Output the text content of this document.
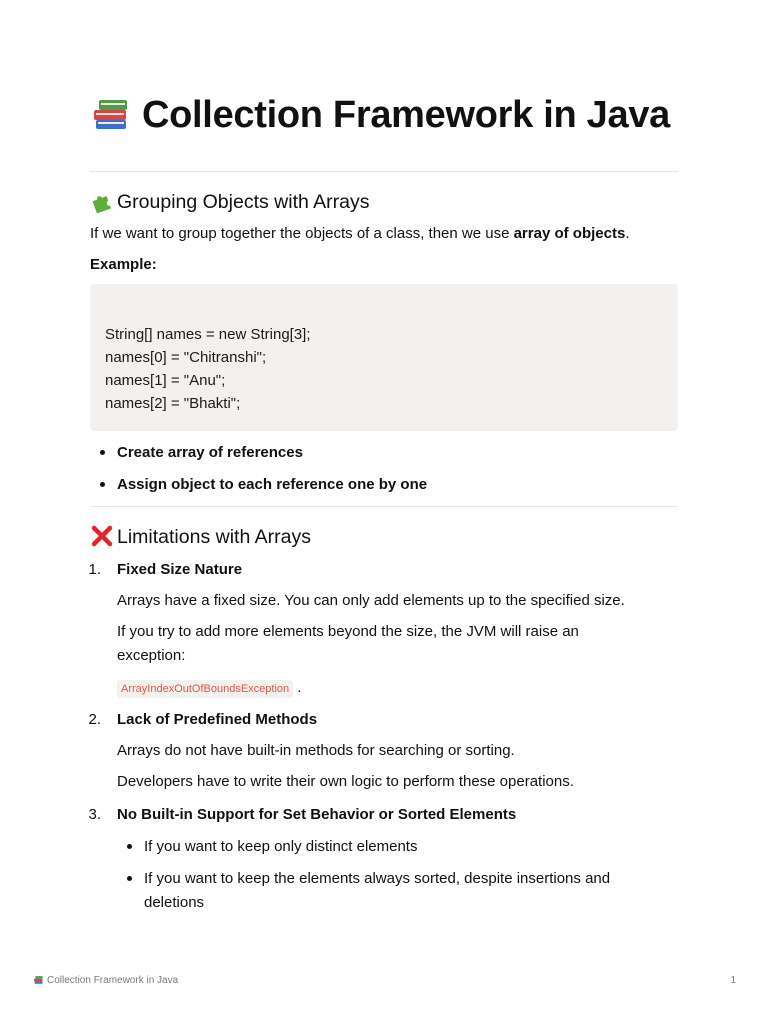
Collection Framework in Java
Grouping Objects with Arrays

If we want to group together the objects of a class, then we use array of objects.

Example:

String[] names = new String[3];
names[0] = "Chitranshi";
names[1] = "Anu";
names[2] = "Bhakti";

Create array of references

Assign object to each reference one by one

Limitations with Arrays
1. Fixed Size Nature

Arrays have a fixed size. You can only add elements up to the specified size.

If you try to add more elements beyond the size, the JVM will raise an

exception:

ArrayIndexOutOfBoundsException .

2. Lack of Predefined Methods

Arrays do not have built-in methods for searching or sorting.

Developers have to write their own logic to perform these operations.

3. No Built-in Support for Set Behavior or Sorted Elements

If you want to keep only distinct elements

If you want to keep the elements always sorted, despite insertions and

deletions

Collection Framework in Java	1
